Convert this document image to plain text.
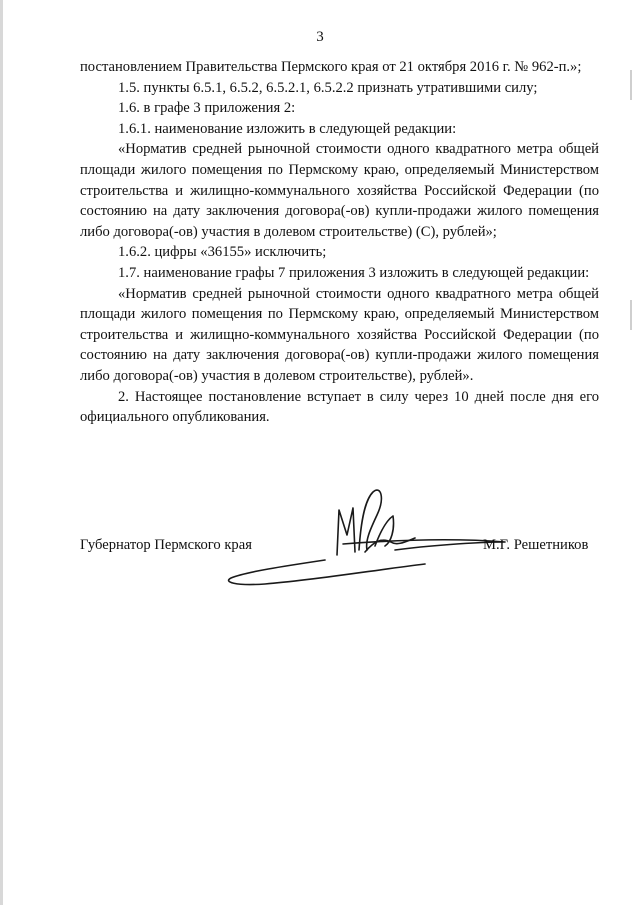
3

постановлением Правительства Пермского края от 21 октября 2016 г. № 962-п.»;

1.5. пункты 6.5.1, 6.5.2, 6.5.2.1, 6.5.2.2 признать утратившими силу;

1.6. в графе 3 приложения 2:

1.6.1. наименование изложить в следующей редакции:

«Норматив средней рыночной стоимости одного квадратного метра общей площади жилого помещения по Пермскому краю, определяемый Министерством строительства и жилищно-коммунального хозяйства Российской Федерации (по состоянию на дату заключения договора(-ов) купли-продажи жилого помещения либо договора(-ов) участия в долевом строительстве) (С), рублей»;

1.6.2. цифры «36155» исключить;

1.7. наименование графы 7 приложения 3 изложить в следующей редакции:

«Норматив средней рыночной стоимости одного квадратного метра общей площади жилого помещения по Пермскому краю, определяемый Министерством строительства и жилищно-коммунального хозяйства Российской Федерации (по состоянию на дату заключения договора(-ов) купли-продажи жилого помещения либо договора(-ов) участия в долевом строительстве), рублей».

2. Настоящее постановление вступает в силу через 10 дней после дня его официального опубликования.

Губернатор Пермского края	М.Г. Решетников
